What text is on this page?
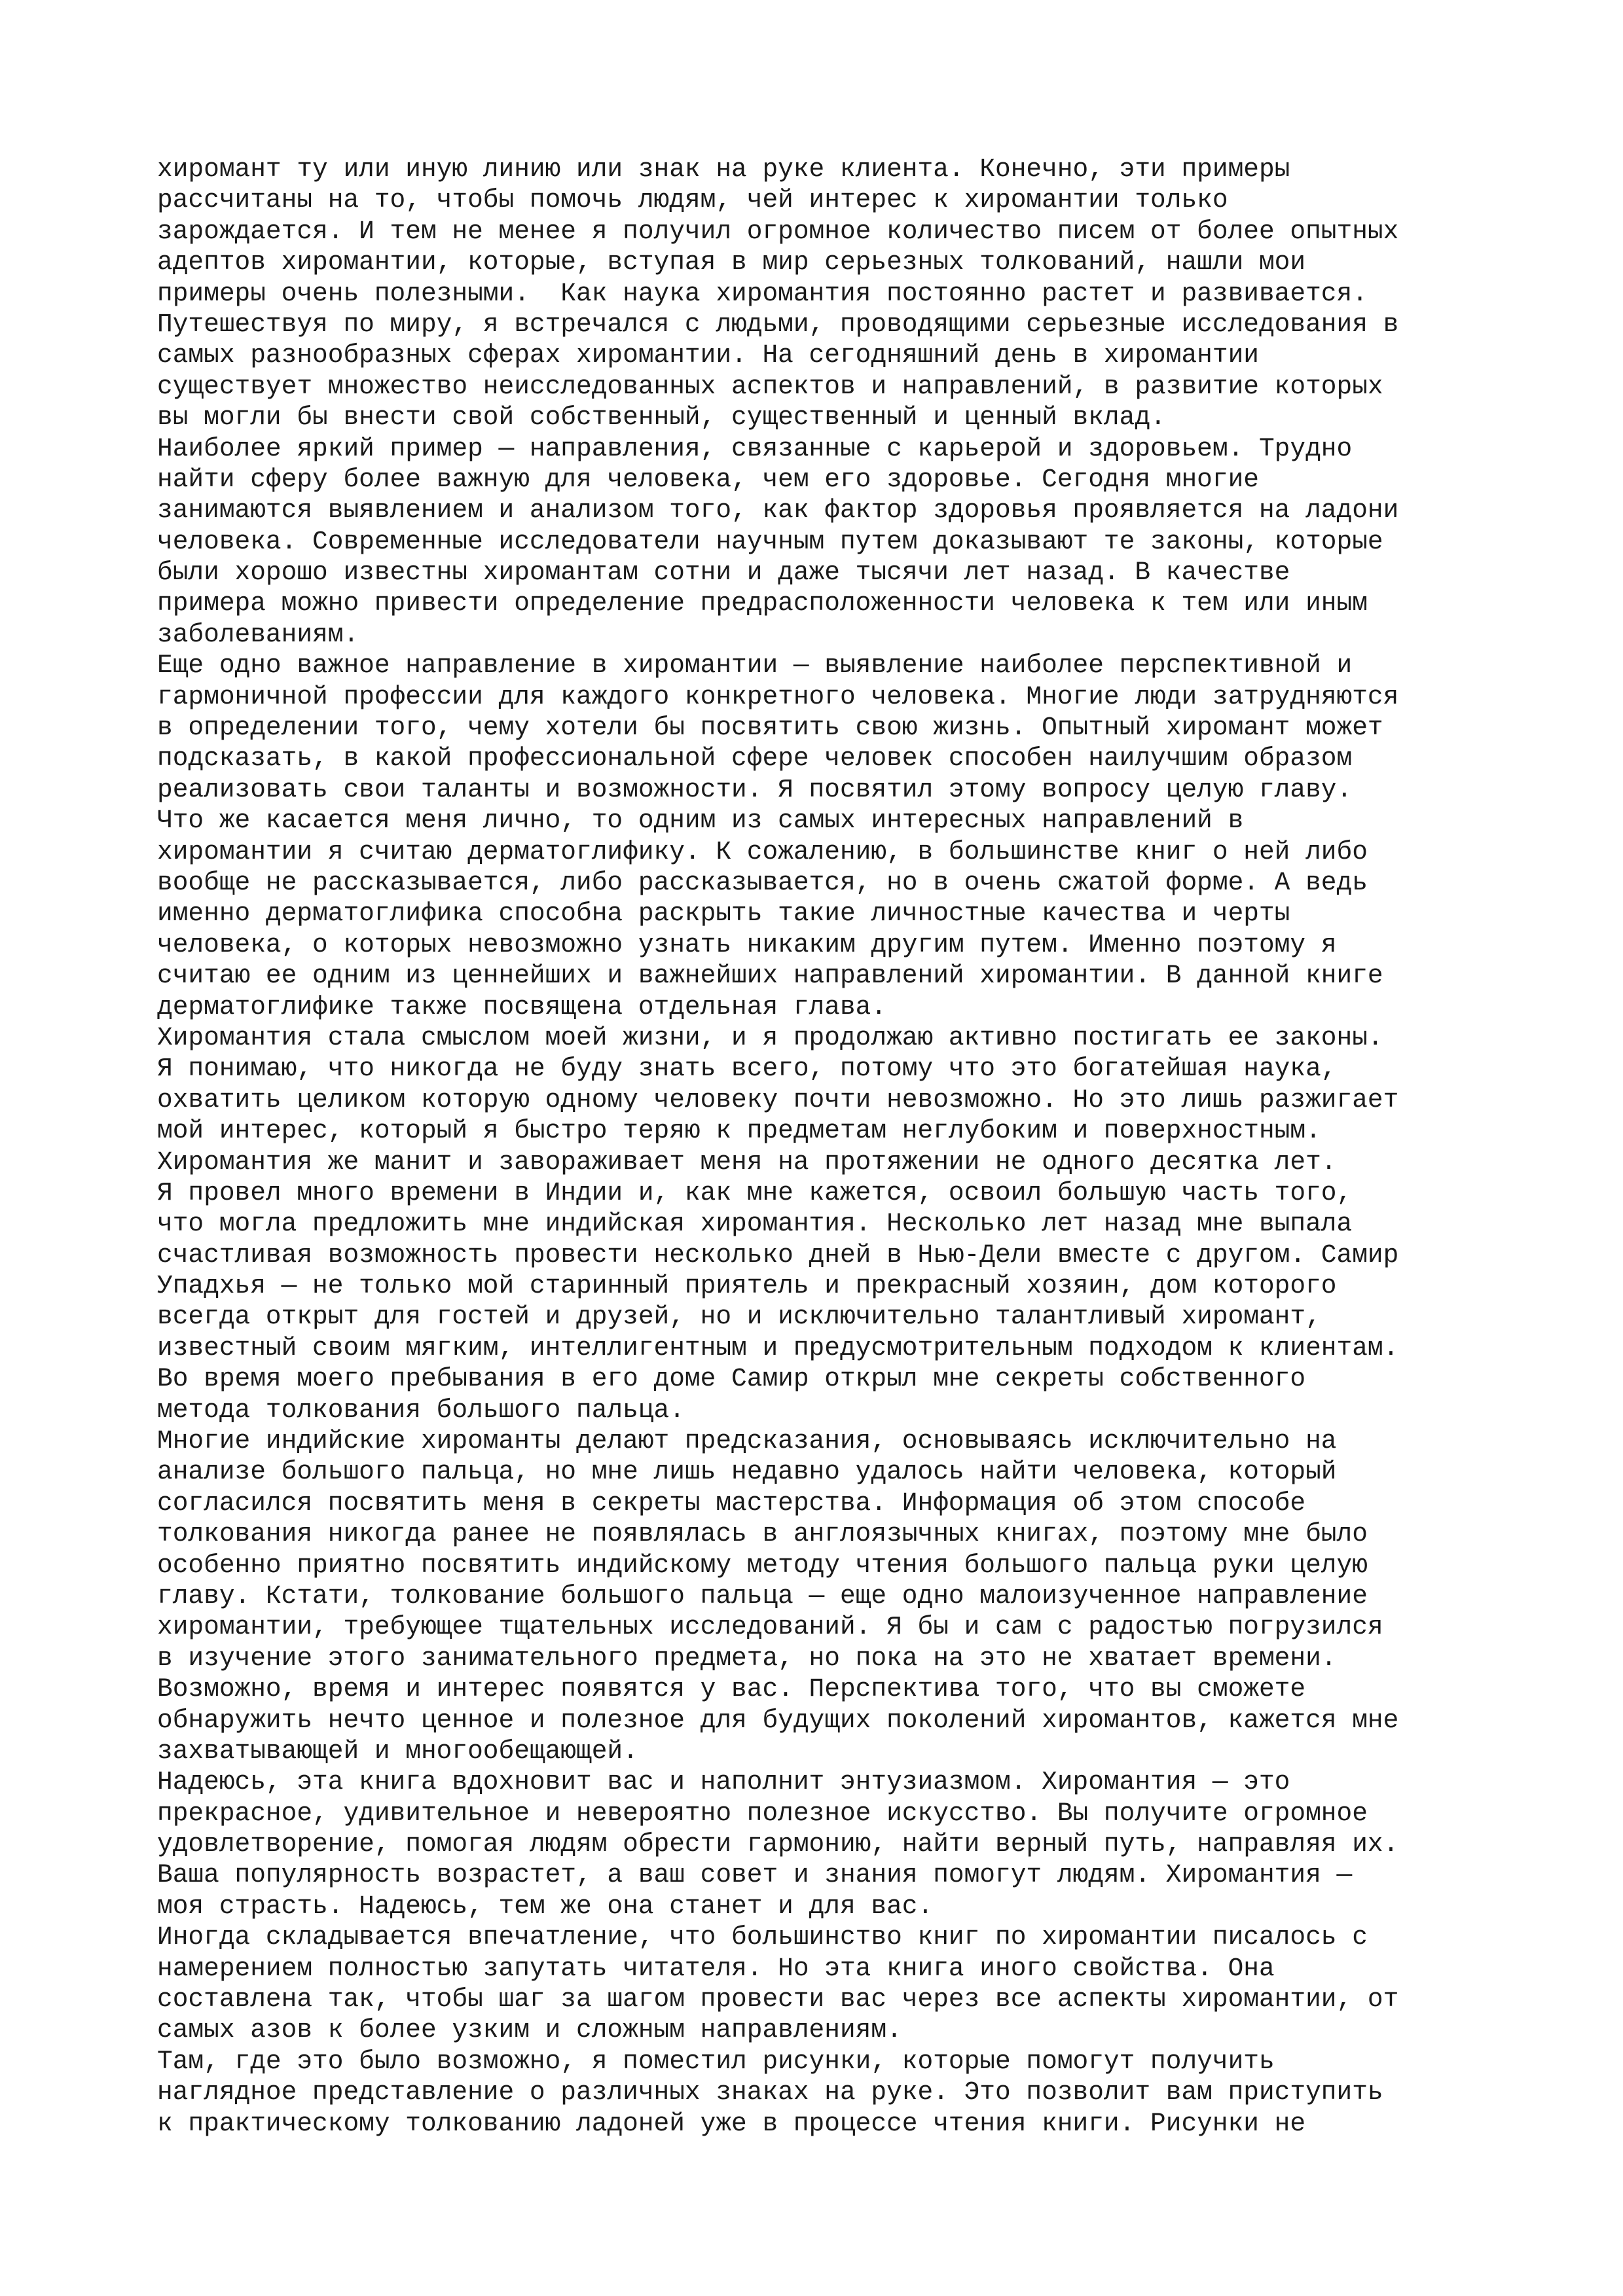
хиромант ту или иную линию или знак на руке клиента. Конечно, эти примеры
рассчитаны на то, чтобы помочь людям, чей интерес к хиромантии только
зарождается. И тем не менее я получил огромное количество писем от более опытных
адептов хиромантии, которые, вступая в мир серьезных толкований, нашли мои
примеры очень полезными.  Как наука хиромантия постоянно растет и развивается.
Путешествуя по миру, я встречался с людьми, проводящими серьезные исследования в
самых разнообразных сферах хиромантии. На сегодняшний день в хиромантии
существует множество неисследованных аспектов и направлений, в развитие которых
вы могли бы внести свой собственный, существенный и ценный вклад.
Наиболее яркий пример — направления, связанные с карьерой и здоровьем. Трудно
найти сферу более важную для человека, чем его здоровье. Сегодня многие
занимаются выявлением и анализом того, как фактор здоровья проявляется на ладони
человека. Современные исследователи научным путем доказывают те законы, которые
были хорошо известны хиромантам сотни и даже тысячи лет назад. В качестве
примера можно привести определение предрасположенности человека к тем или иным
заболеваниям.
Еще одно важное направление в хиромантии — выявление наиболее перспективной и
гармоничной профессии для каждого конкретного человека. Многие люди затрудняются
в определении того, чему хотели бы посвятить свою жизнь. Опытный хиромант может
подсказать, в какой профессиональной сфере человек способен наилучшим образом
реализовать свои таланты и возможности. Я посвятил этому вопросу целую главу.
Что же касается меня лично, то одним из самых интересных направлений в
хиромантии я считаю дерматоглифику. К сожалению, в большинстве книг о ней либо
вообще не рассказывается, либо рассказывается, но в очень сжатой форме. А ведь
именно дерматоглифика способна раскрыть такие личностные качества и черты
человека, о которых невозможно узнать никаким другим путем. Именно поэтому я
считаю ее одним из ценнейших и важнейших направлений хиромантии. В данной книге
дерматоглифике также посвящена отдельная глава.
Хиромантия стала смыслом моей жизни, и я продолжаю активно постигать ее законы.
Я понимаю, что никогда не буду знать всего, потому что это богатейшая наука,
охватить целиком которую одному человеку почти невозможно. Но это лишь разжигает
мой интерес, который я быстро теряю к предметам неглубоким и поверхностным.
Хиромантия же манит и завораживает меня на протяжении не одного десятка лет.
Я провел много времени в Индии и, как мне кажется, освоил большую часть того,
что могла предложить мне индийская хиромантия. Несколько лет назад мне выпала
счастливая возможность провести несколько дней в Нью-Дели вместе с другом. Самир
Упадхья — не только мой старинный приятель и прекрасный хозяин, дом которого
всегда открыт для гостей и друзей, но и исключительно талантливый хиромант,
известный своим мягким, интеллигентным и предусмотрительным подходом к клиентам.
Во время моего пребывания в его доме Самир открыл мне секреты собственного
метода толкования большого пальца.
Многие индийские хироманты делают предсказания, основываясь исключительно на
анализе большого пальца, но мне лишь недавно удалось найти человека, который
согласился посвятить меня в секреты мастерства. Информация об этом способе
толкования никогда ранее не появлялась в англоязычных книгах, поэтому мне было
особенно приятно посвятить индийскому методу чтения большого пальца руки целую
главу. Кстати, толкование большого пальца — еще одно малоизученное направление
хиромантии, требующее тщательных исследований. Я бы и сам с радостью погрузился
в изучение этого занимательного предмета, но пока на это не хватает времени.
Возможно, время и интерес появятся у вас. Перспектива того, что вы сможете
обнаружить нечто ценное и полезное для будущих поколений хиромантов, кажется мне
захватывающей и многообещающей.
Надеюсь, эта книга вдохновит вас и наполнит энтузиазмом. Хиромантия — это
прекрасное, удивительное и невероятно полезное искусство. Вы получите огромное
удовлетворение, помогая людям обрести гармонию, найти верный путь, направляя их.
Ваша популярность возрастет, а ваш совет и знания помогут людям. Хиромантия —
моя страсть. Надеюсь, тем же она станет и для вас.
Иногда складывается впечатление, что большинство книг по хиромантии писалось с
намерением полностью запутать читателя. Но эта книга иного свойства. Она
составлена так, чтобы шаг за шагом провести вас через все аспекты хиромантии, от
самых азов к более узким и сложным направлениям.
Там, где это было возможно, я поместил рисунки, которые помогут получить
наглядное представление о различных знаках на руке. Это позволит вам приступить
к практическому толкованию ладоней уже в процессе чтения книги. Рисунки не
